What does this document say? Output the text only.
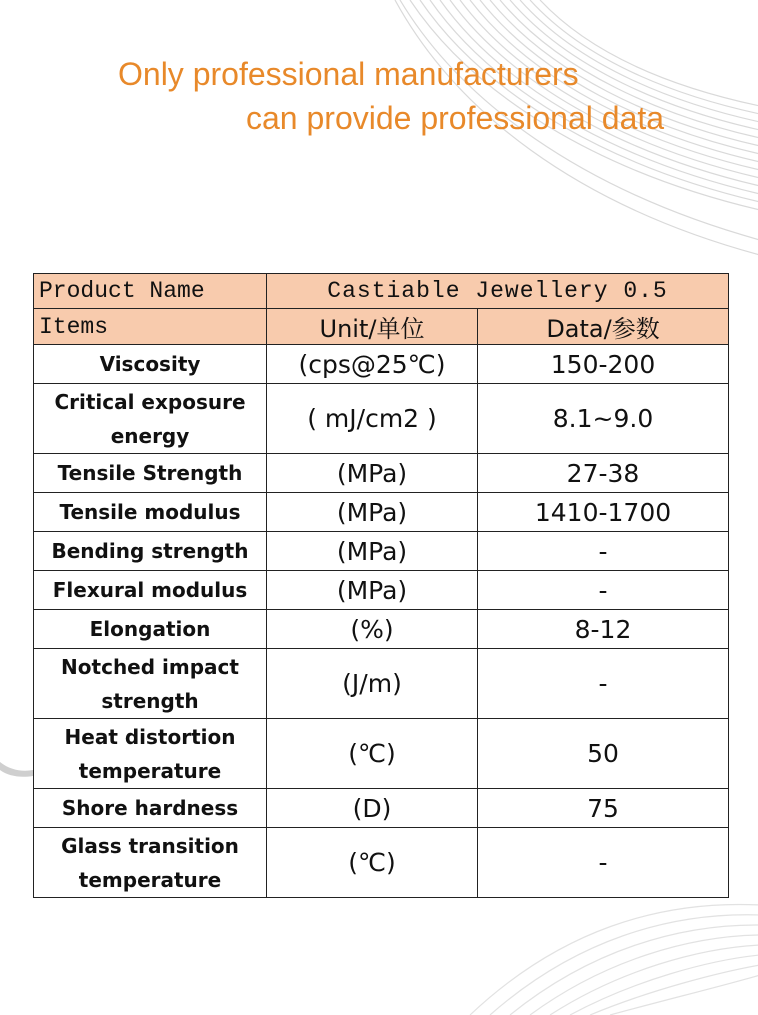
Only professional manufacturers
can provide professional data
Product Name	Castiable Jewellery 0.5	
Items	Unit/单位	Data/参数
Viscosity	(cps@25℃)	150-200
Critical exposure energy	( mJ/cm2 )	8.1~9.0
Tensile Strength	(MPa)	27-38
Tensile modulus	(MPa)	1410-1700
Bending strength	(MPa)	-
Flexural modulus	(MPa)	-
Elongation	(%)	8-12
Notched impact strength	(J/m)	-
Heat distortion temperature	(℃)	50
Shore hardness	(D)	75
Glass transition temperature	(℃)	-
